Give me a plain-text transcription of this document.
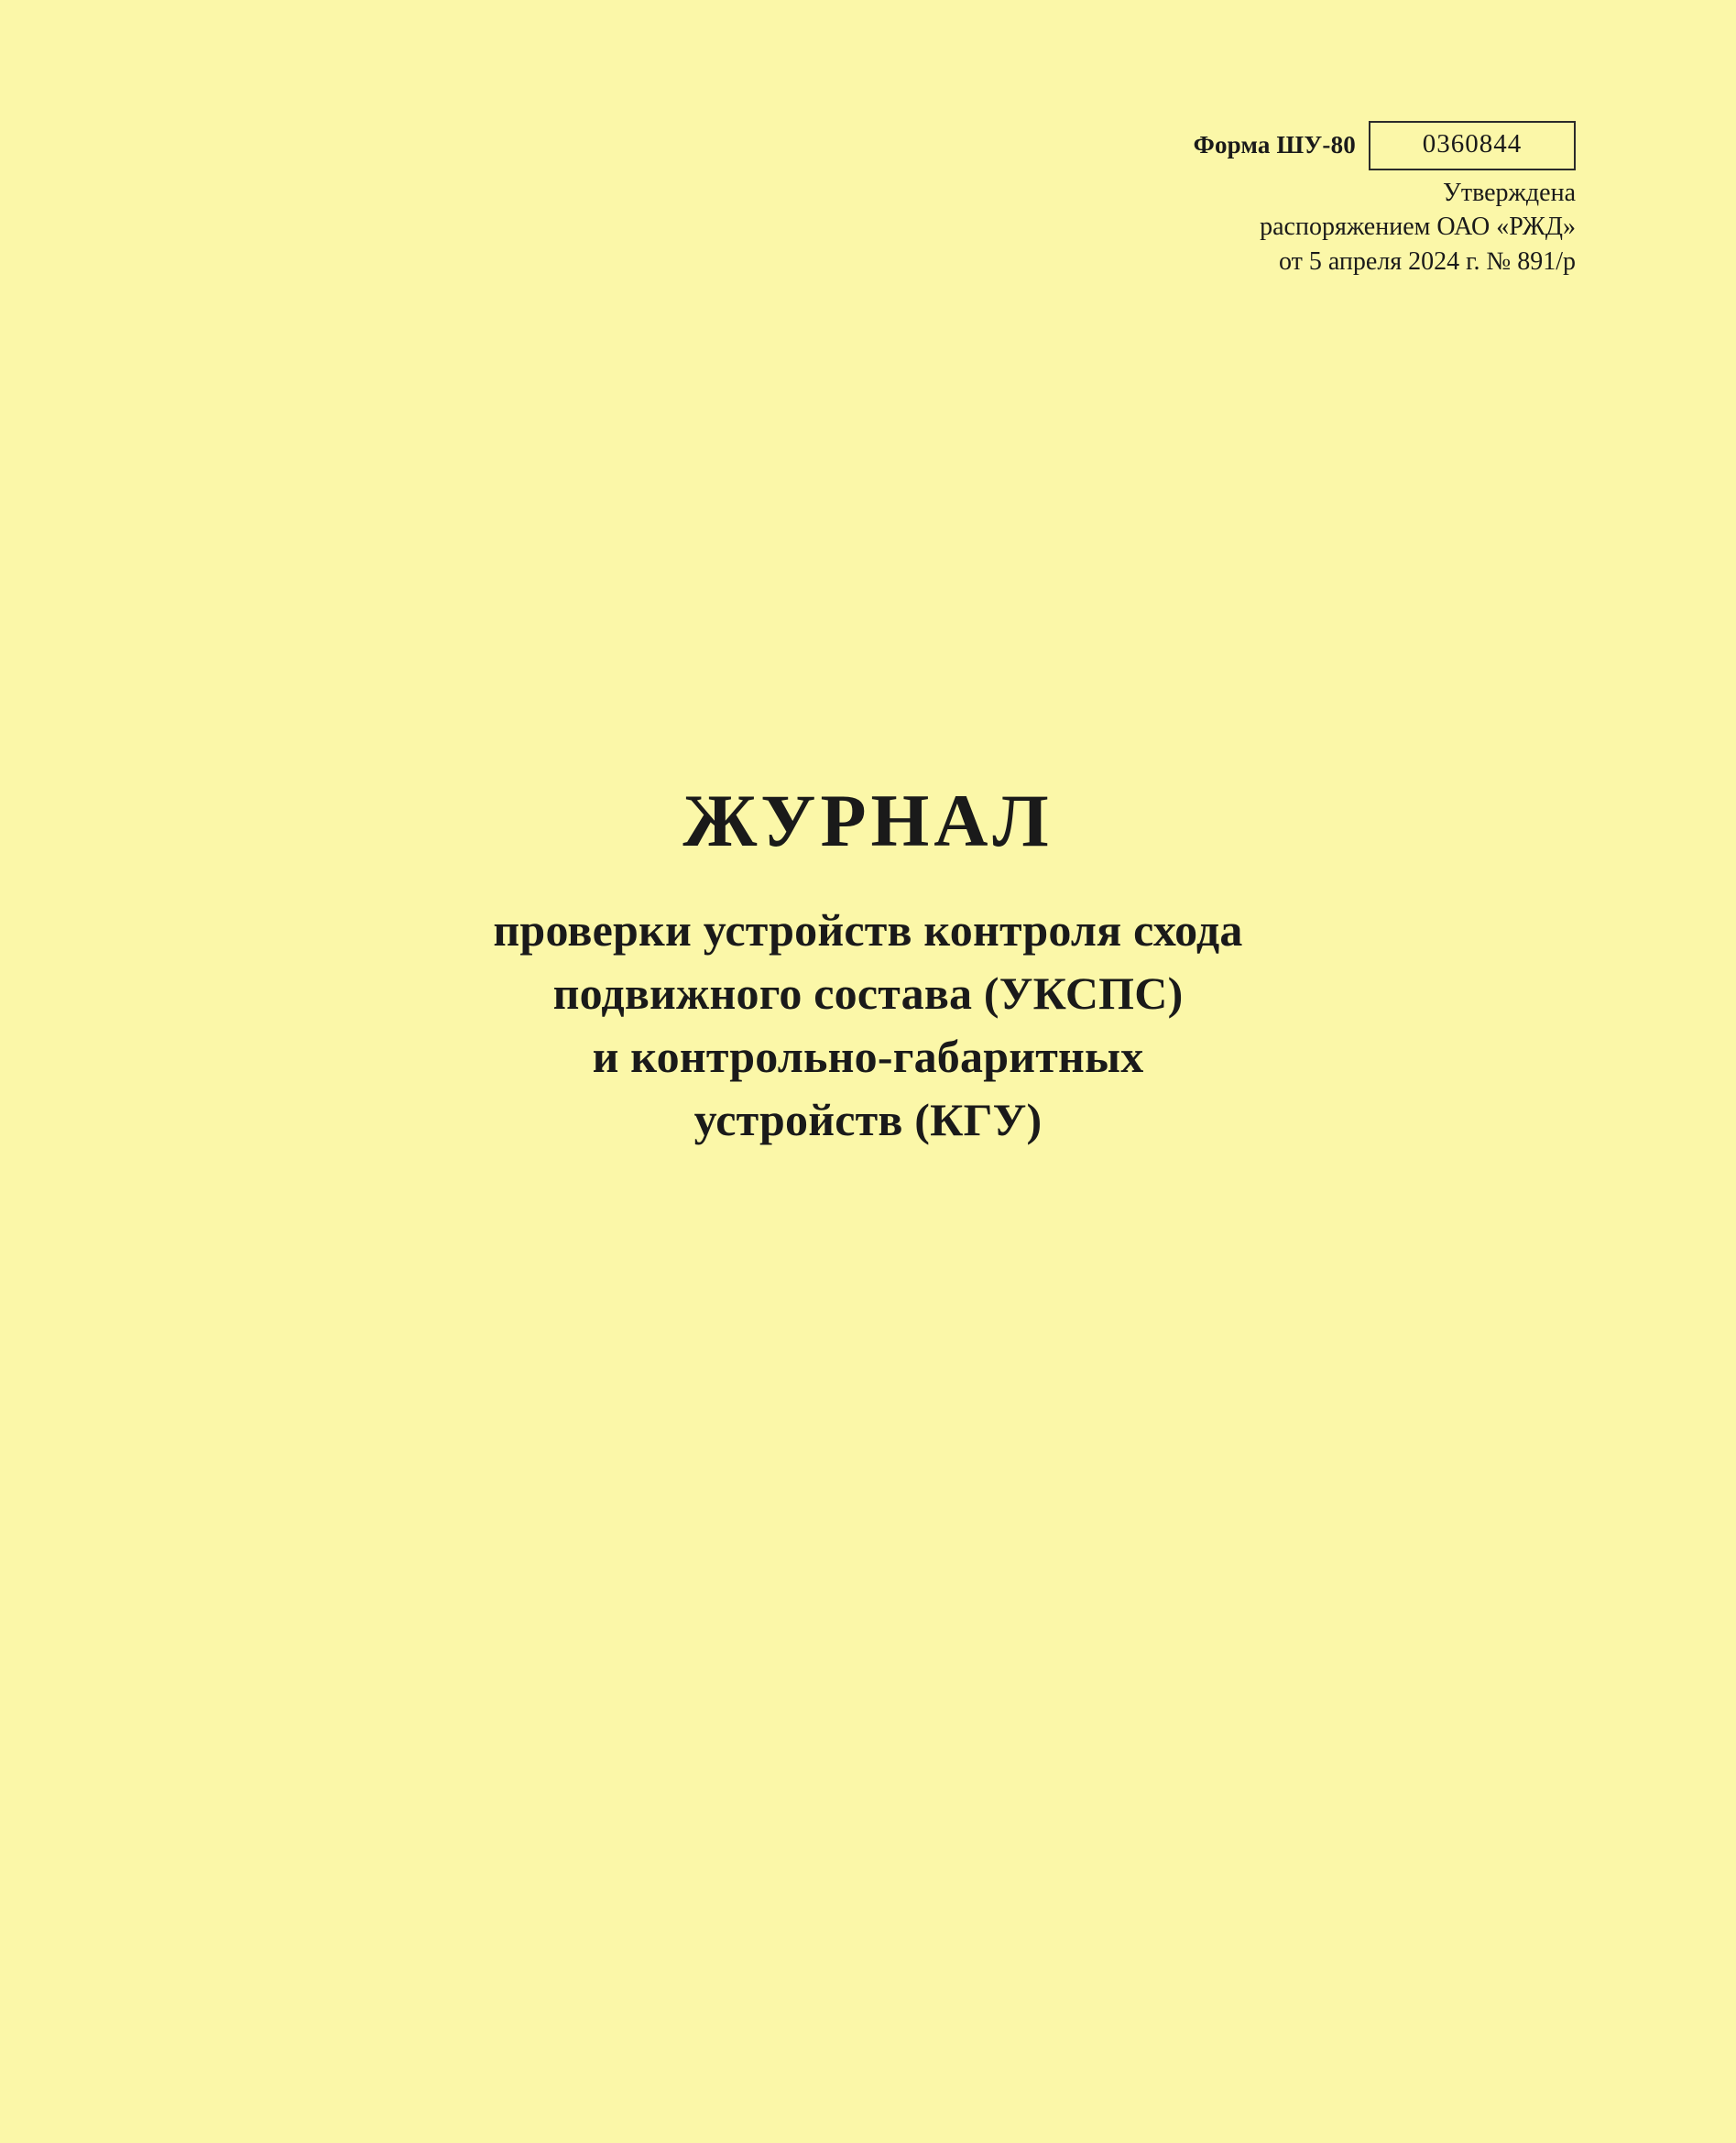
Форма ШУ-80	0360844
Утверждена
распоряжением ОАО «РЖД»
от 5 апреля 2024 г. № 891/р
ЖУРНАЛ
проверки устройств контроля схода
подвижного состава (УКСПС)
и контрольно-габаритных
устройств (КГУ)
